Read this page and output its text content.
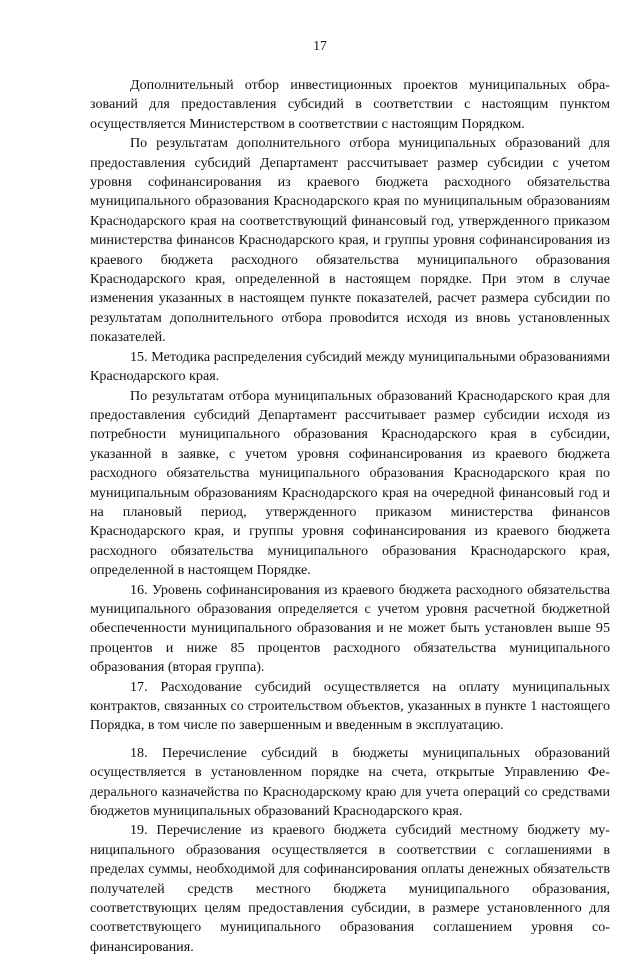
17

Дополнительный отбор инвестиционных проектов муниципальных образований для предоставления субсидий в соответствии с настоящим пунктом осуществляется Министерством в соответствии с настоящим Порядком.

По результатам дополнительного отбора муниципальных образований для предоставления субсидий Департамент рассчитывает размер субсидии с учетом уровня софинансирования из краевого бюджета расходного обязательства муниципального образования Краснодарского края по муниципальным образованиям Краснодарского края на соответствующий финансовый год, утвержденного приказом министерства финансов Краснодарского края, и группы уровня софинансирования из краевого бюджета расходного обязательства муниципального образования Краснодарского края, определенной в настоящем порядке. При этом в случае изменения указанных в настоящем пункте показателей, расчет размера субсидии по результатам дополнительного отбора провоdится исходя из вновь установленных показателей.

15. Методика распределения субсидий между муниципальными образованиями Краснодарского края.

По результатам отбора муниципальных образований Краснодарского края для предоставления субсидий Департамент рассчитывает размер субсидии исходя из потребности муниципального образования Краснодарского края в субсидии, указанной в заявке, с учетом уровня софинансирования из краевого бюджета расходного обязательства муниципального образования Краснодарского края по муниципальным образованиям Краснодарского края на очередной финансовый год и на плановый период, утвержденного приказом министерства финансов Краснодарского края, и группы уровня софинансирования из краевого бюджета расходного обязательства муниципального образования Краснодарского края, определенной в настоящем Порядке.

16. Уровень софинансирования из краевого бюджета расходного обязательства муниципального образования определяется с учетом уровня расчетной бюджетной обеспеченности муниципального образования и не может быть установлен выше 95 процентов и ниже 85 процентов расходного обязательства муниципального образования (вторая группа).

17. Расходование субсидий осуществляется на оплату муниципальных контрактов, связанных со строительством объектов, указанных в пункте 1 настоящего Порядка, в том числе по завершенным и введенным в эксплуатацию.

18. Перечисление субсидий в бюджеты муниципальных образований осуществляется в установленном порядке на счета, открытые Управлению Федерального казначейства по Краснодарскому краю для учета операций со средствами бюджетов муниципальных образований Краснодарского края.

19. Перечисление из краевого бюджета субсидий местному бюджету муниципального образования осуществляется в соответствии с соглашениями в пределах суммы, необходимой для софинансирования оплаты денежных обязательств получателей средств местного бюджета муниципального образования, соответствующих целям предоставления субсидии, в размере установленного для соответствующего муниципального образования соглашением уровня софинансирования.
